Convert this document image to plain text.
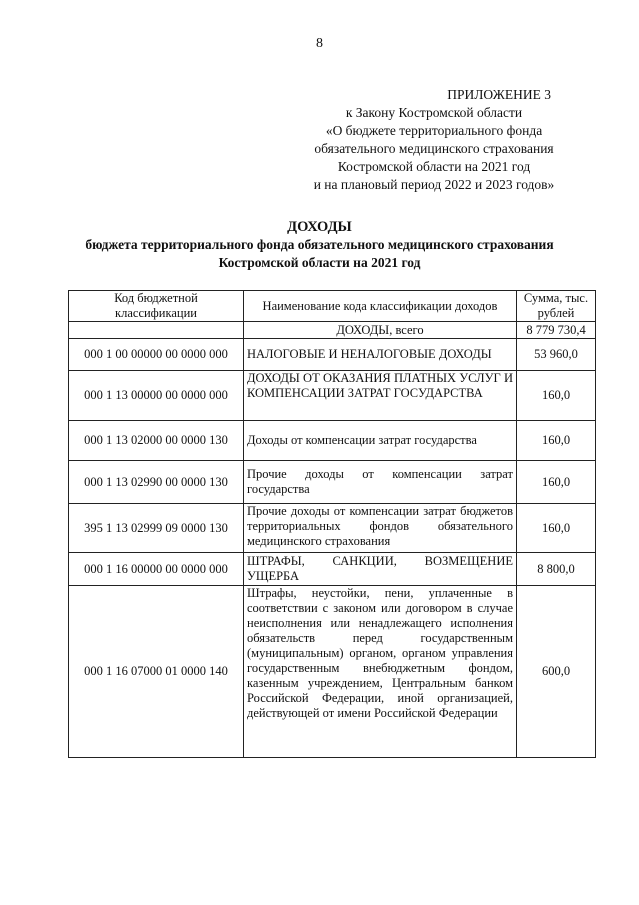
8
ПРИЛОЖЕНИЕ 3
к Закону Костромской области
«О бюджете территориального фонда
обязательного медицинского страхования
Костромской области на 2021 год
и на плановый период 2022 и 2023 годов»
ДОХОДЫ
бюджета территориального фонда обязательного медицинского страхования
Костромской области на 2021 год
Код бюджетной классификации	Наименование кода классификации доходов	Сумма, тыс. рублей
	ДОХОДЫ, всего	8 779 730,4
000 1 00 00000 00 0000 000	НАЛОГОВЫЕ И НЕНАЛОГОВЫЕ ДОХОДЫ	53 960,0
000 1 13 00000 00 0000 000	ДОХОДЫ ОТ ОКАЗАНИЯ ПЛАТНЫХ УСЛУГ И КОМПЕНСАЦИИ ЗАТРАТ ГОСУДАРСТВА	160,0
000 1 13 02000 00 0000 130	Доходы от компенсации затрат государства	160,0
000 1 13 02990 00 0000 130	Прочие доходы от компенсации затрат государства	160,0
395 1 13 02999 09 0000 130	Прочие доходы от компенсации затрат бюджетов территориальных фондов обязательного медицинского страхования	160,0
000 1 16 00000 00 0000 000	ШТРАФЫ, САНКЦИИ, ВОЗМЕЩЕНИЕ УЩЕРБА	8 800,0
000 1 16 07000 01 0000 140	Штрафы, неустойки, пени, уплаченные в соответствии с законом или договором в случае неисполнения или ненадлежащего исполнения обязательств перед государственным (муниципальным) органом, органом управления государственным внебюджетным фондом, казенным учреждением, Центральным банком Российской Федерации, иной организацией, действующей от имени Российской Федерации	600,0
